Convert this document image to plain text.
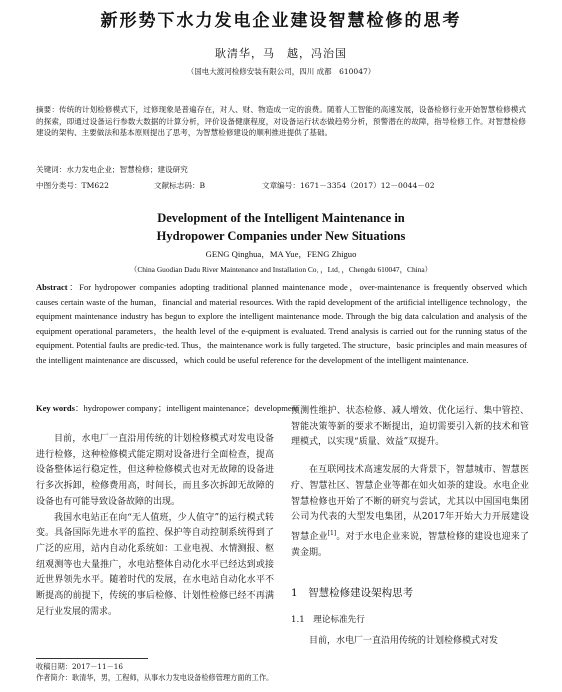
新形势下水力发电企业建设智慧检修的思考
耿清华，马　越，冯治国
（国电大渡河检修安装有限公司，四川 成都　610047）
摘要：传统的计划检修模式下，过修现象是普遍存在，对人、财、物造成一定的浪费。随着人工智能的高速发展，设备检修行业开始智慧检修模式的探索，即通过设备运行参数大数据的计算分析，评价设备健康程度，对设备运行状态做趋势分析，预警潜在的故障，指导检修工作。对智慧检修建设的架构、主要做法和基本原则提出了思考，为智慧检修建设的顺利推进提供了基础。
关键词：水力发电企业；智慧检修；建设研究
中图分类号：TM622	文献标志码：B	文章编号：1671－3354（2017）12－0044－02
Development of the Intelligent Maintenance in
Hydropower Companies under New Situations
GENG Qinghua，MA Yue，FENG Zhiguo
（China Guodian Dadu River Maintenance and Installation Co．，Ltd．，Chengdu 610047，China）
Abstract：For hydropower companies adopting traditional planned maintenance mode，over-maintenance is frequently observed which causes certain waste of the human，financial and material resources. With the rapid development of the artificial intelligence technology，the equipment maintenance industry has begun to explore the intelligent maintenance mode. Through the big data calculation and analysis of the equipment operational parameters，the health level of the e-quipment is evaluated. Trend analysis is carried out for the running status of the equipment. Potential faults are predic-ted. Thus，the maintenance work is fully targeted. The structure，basic principles and main measures of the intelligent maintenance are discussed，which could be useful reference for the development of the intelligent maintenance.
Key words：hydropower company；intelligent maintenance；development

目前，水电厂一直沿用传统的计划检修模式对发电设备进行检修，这种检修模式能定期对设备进行全面检查，提高设备整体运行稳定性，但这种检修模式也对无故障的设备进行多次拆卸，检修费用高，时间长，而且多次拆卸无故障的设备也有可能导致设备故障的出现。

我国水电站正在向“无人值班，少人值守”的运行模式转变。具备国际先进水平的监控、保护等自动控制系统得到了广泛的应用，站内自动化系统如：工业电视、水情测报、枢纽观测等也大量推广，水电站整体自动化水平已经达到或接近世界领先水平。随着时代的发展，在水电站自动化水平不断提高的前提下，传统的事后检修、计划性检修已经不再满足行业发展的需求。

预测性维护、状态检修、减人增效、优化运行、集中管控、智能决策等新的要求不断提出，迫切需要引入新的技术和管理模式，以实现“质量、效益”双提升。

在互联网技术高速发展的大背景下，智慧城市、智慧医疗、智慧社区、智慧企业等都在如火如荼的建设。水电企业智慧检修也开始了不断的研究与尝试，尤其以中国国电集团公司为代表的大型发电集团，从2017年开始大力开展建设智慧企业[1]。对于水电企业来说，智慧检修的建设也迎来了黄金期。

1　智慧检修建设架构思考
1.1　理论标准先行
目前，水电厂一直沿用传统的计划检修模式对发
收稿日期：2017－11－16
作者简介：耿清华，男，工程师，从事水力发电设备检修管理方面的工作。
